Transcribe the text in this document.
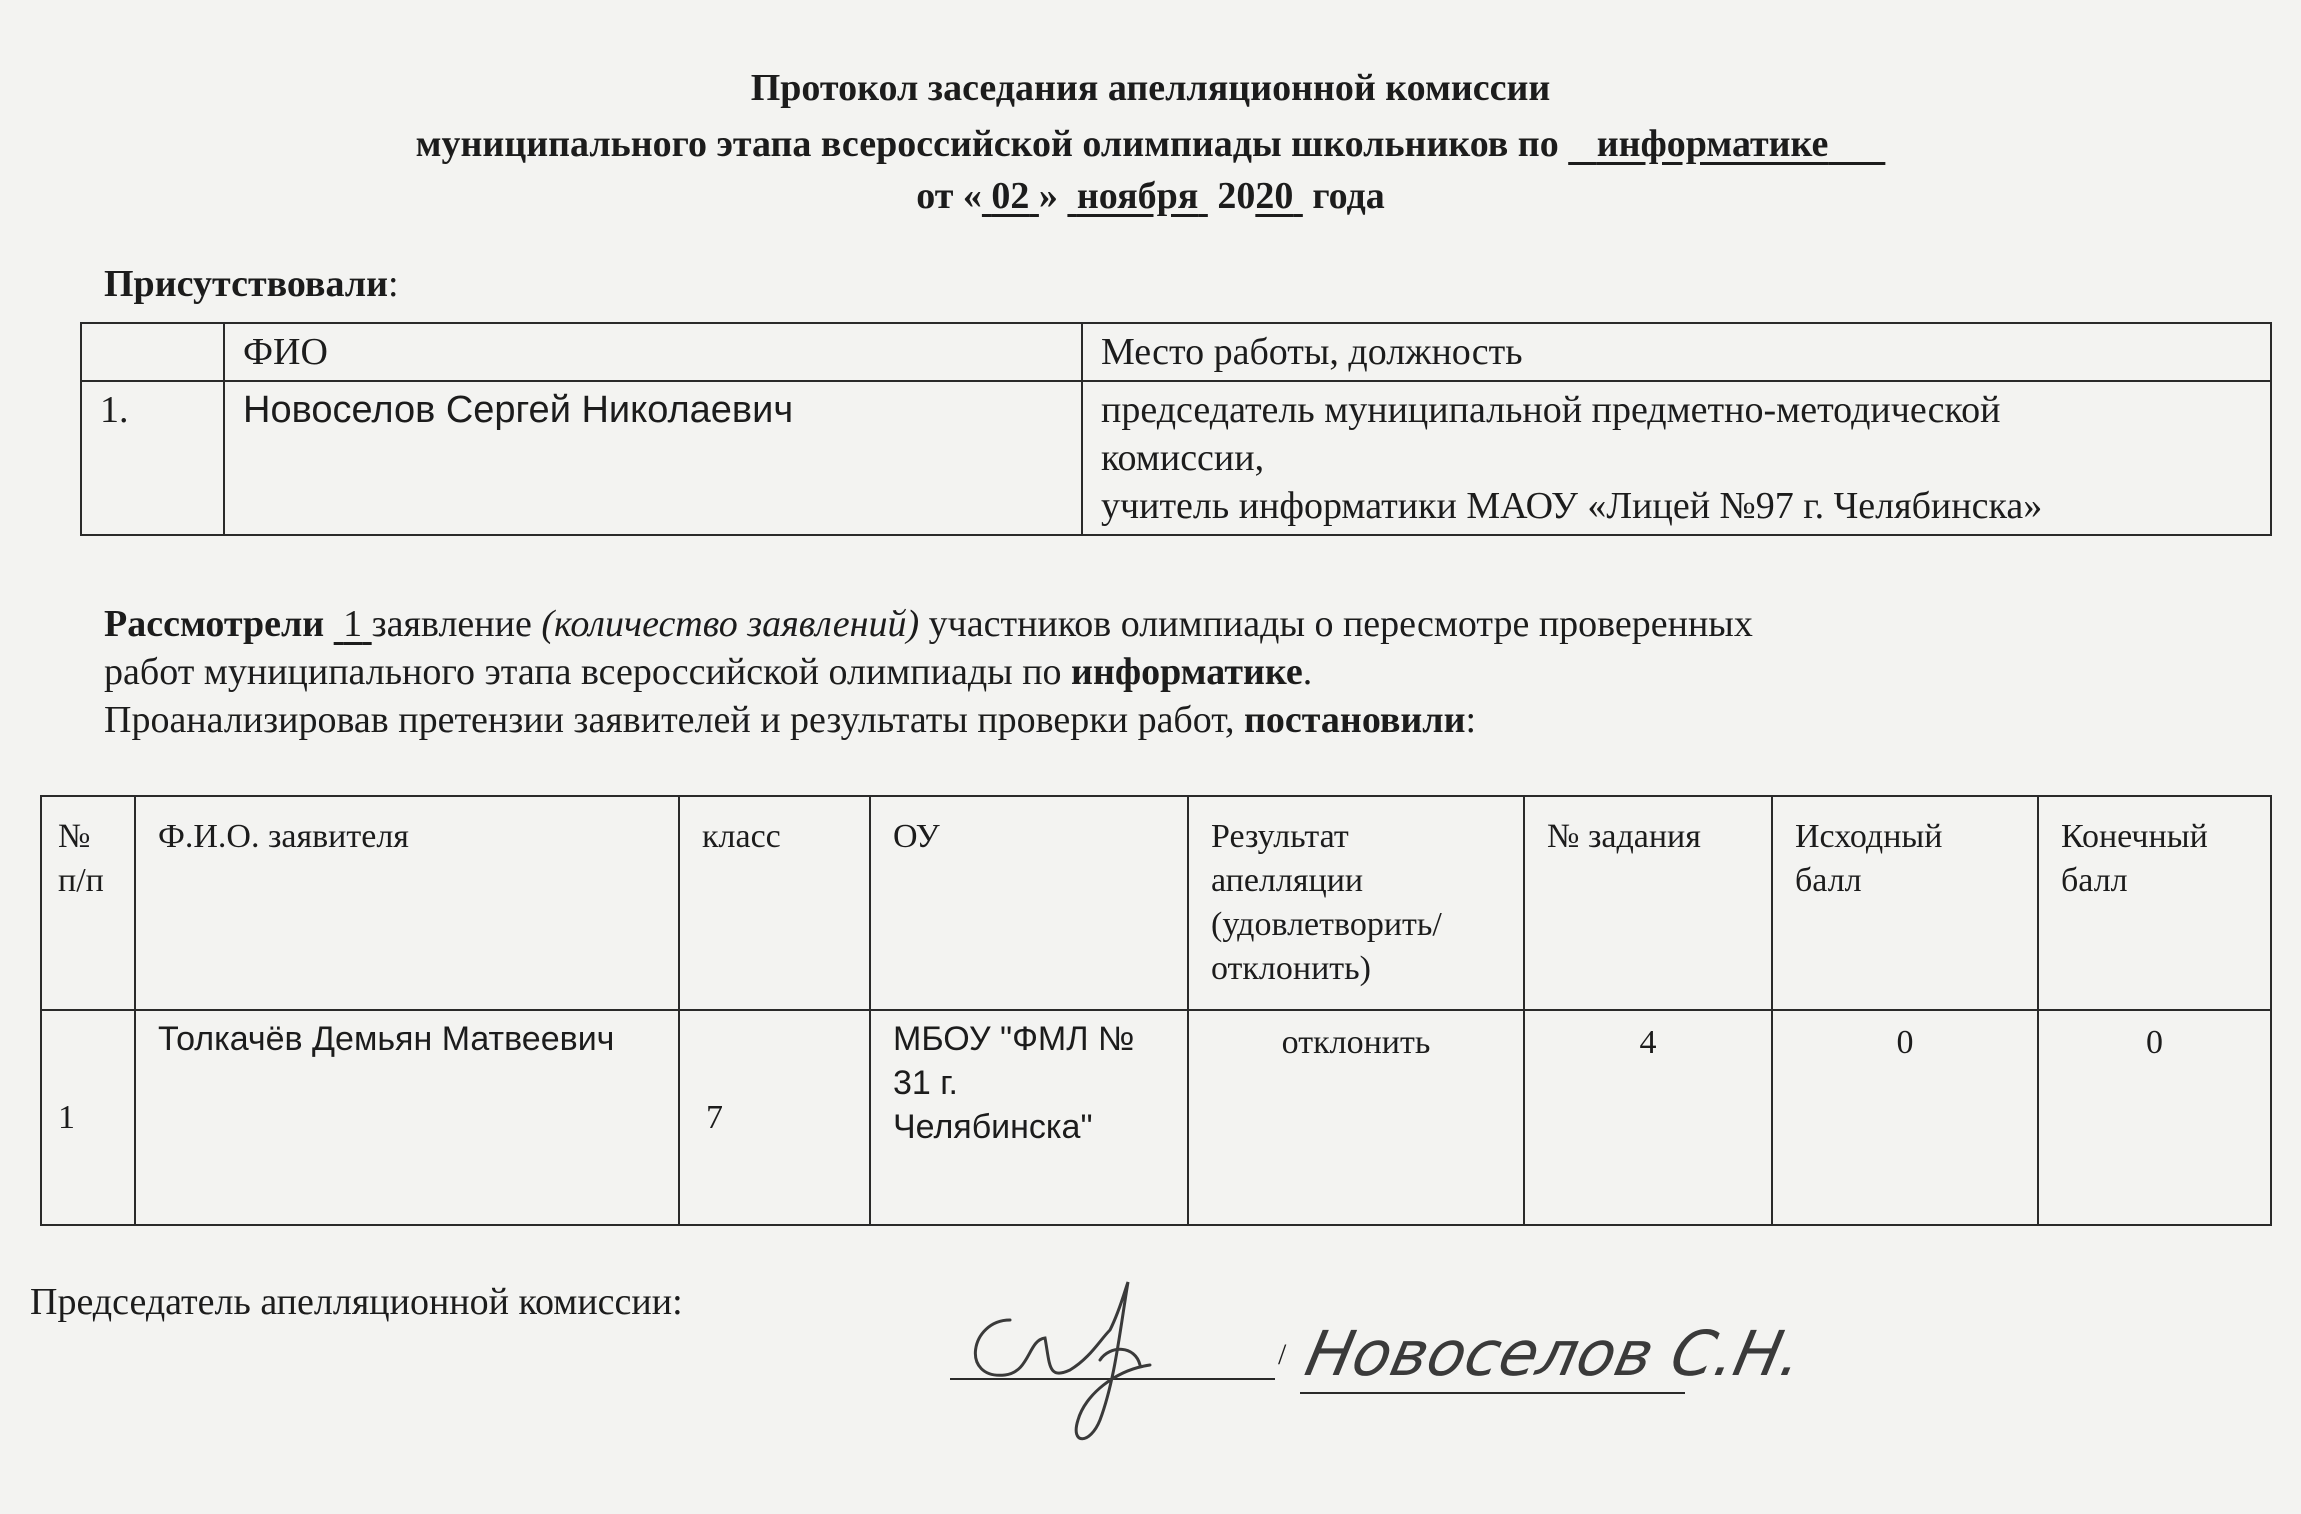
Протокол заседания апелляционной комиссии
муниципального этапа всероссийской олимпиады школьников по информатике
от « 02 » ноября 2020 года
Присутствовали:
	ФИО	Место работы, должность
1.	Новоселов Сергей Николаевич	председатель муниципальной предметно-методической
комиссии,
учитель информатики МАОУ «Лицей №97 г. Челябинска»
Рассмотрели 1 заявление (количество заявлений) участников олимпиады о пересмотре проверенных
работ муниципального этапа всероссийской олимпиады по информатике.
Проанализировав претензии заявителей и результаты проверки работ, постановили:
№ п/п	Ф.И.О. заявителя	класс	ОУ	Результат апелляции (удовлетворить/ отклонить)	№ задания	Исходный балл	Конечный балл
1	Толкачёв Демьян Матвеевич	7	МБОУ "ФМЛ № 31 г. Челябинска"	отклонить	4	0	0
Председатель апелляционной комиссии:
/ Новоселов С.Н.
